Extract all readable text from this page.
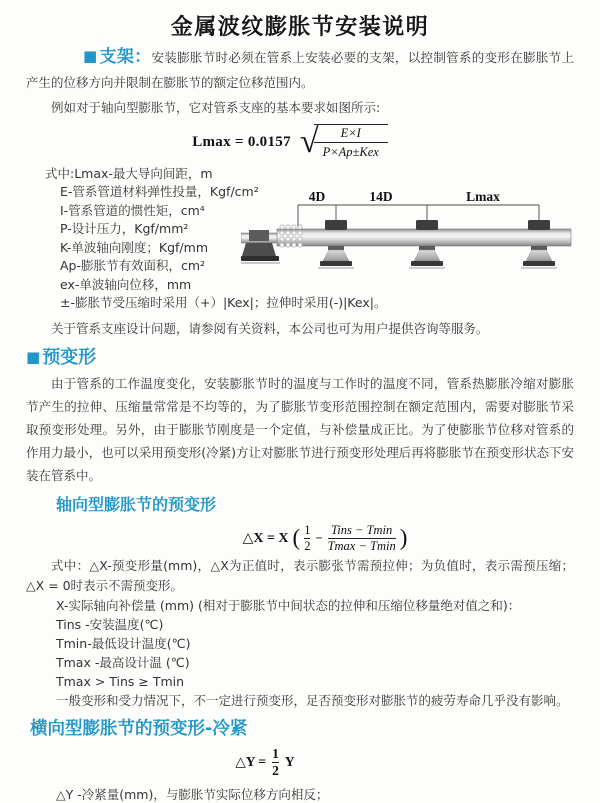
金属波纹膨胀节安装说明

■ 支架：安装膨胀节时必须在管系上安装必要的支架，以控制管系的变形在膨胀节上产生的位移方向并限制在膨胀节的额定位移范围内。

例如对于轴向型膨胀节，它对管系支座的基本要求如图所示:

Lmax = 0.0157 √	E×I
P×Ap±Kex
式中:Lmax-最大导向间距，m
E-管系管道材料弹性投量，Kgf/cm²
I-管系管道的惯性矩，cm⁴
P-设计压力，Kgf/mm²
K-单波轴向刚度；Kgf/mm
Ap-膨胀节有效面积，cm²
ex-单波轴向位移，mm
±-膨胀节受压缩时采用（+）|Kex|；拉伸时采用(-)|Kex|。
4D	14D	Lmax

关于管系支座设计问题，请参阅有关资料，本公司也可为用户提供咨询等服务。

■ 预变形

由于管系的工作温度变化，安装膨胀节时的温度与工作时的温度不同，管系热膨胀冷缩对膨胀节产生的拉伸、压缩量常常是不均等的，为了膨胀节变形范围控制在额定范围内，需要对膨胀节采取预变形处理。另外，由于膨胀节刚度是一个定值，与补偿量成正比。为了使膨胀节位移对管系的作用力最小，也可以采用预变形(冷紧)方让对膨胀节进行预变形处理后再将膨胀节在预变形状态下安装在管系中。

轴向型膨胀节的预变形
△X = X ( $\frac{1}{2} - \frac{\text{Tins − Tmin}}{Tmax - Tmin}$ )

式中：△X-预变形量(mm)，△X为正值时，表示膨张节需预拉伸；为负值时，表示需预压缩；△X = 0时表示不需预变形。

X-实际轴向补偿量 (mm) (相对于膨胀节中间状态的拉伸和压缩位移量绝对值之和)：
Tins -安装温度(℃)
Tmin-最低设计温度(℃)
Tmax -最高设计温 (℃)
Tmax > Tins ≥ Tmin
一般变形和受力情况下，不一定进行预变形，足否预变形对膨胀节的疲劳寿命几乎没有影响。
横向型膨胀节的预变形-冷紧
△Y = $\frac{1}{2}$ Y

△Y -冷紧量(mm)，与膨胀节实际位移方向相反；
